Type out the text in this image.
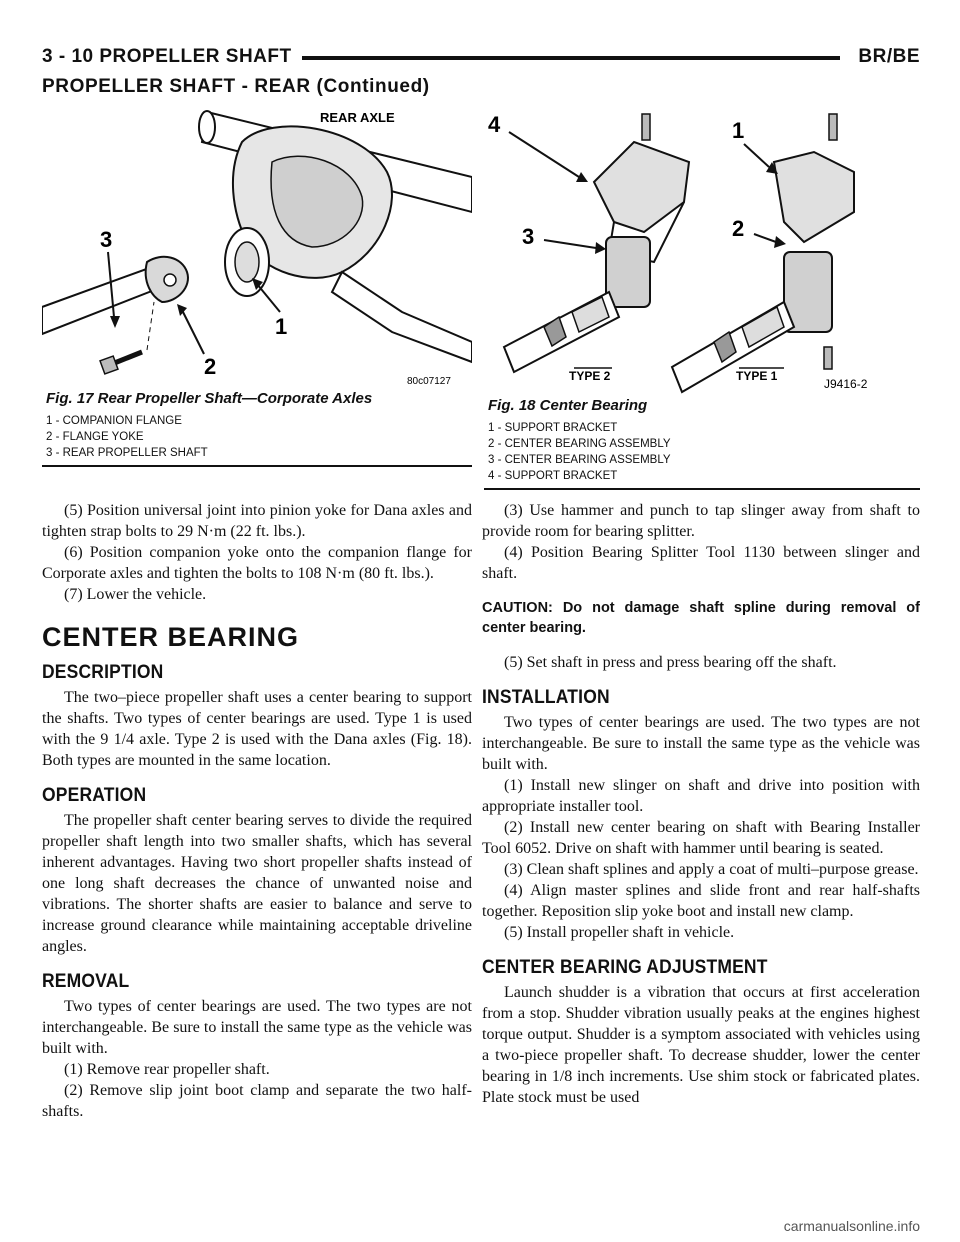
3 - 10 PROPELLER SHAFT	BR/BE
PROPELLER SHAFT - REAR (Continued)
3
1
2
REAR AXLE
80c07127
Fig. 17 Rear Propeller Shaft—Corporate Axles
1 - COMPANION FLANGE
2 - FLANGE YOKE
3 - REAR PROPELLER SHAFT
4	1
3	2
TYPE 2	TYPE 1
J9416-2
Fig. 18 Center Bearing
1 - SUPPORT BRACKET
2 - CENTER BEARING ASSEMBLY
3 - CENTER BEARING ASSEMBLY
4 - SUPPORT BRACKET

(5) Position universal joint into pinion yoke for Dana axles and tighten strap bolts to 29 N·m (22 ft. lbs.).

(6) Position companion yoke onto the companion flange for Corporate axles and tighten the bolts to 108 N·m (80 ft. lbs.).

(7) Lower the vehicle.

CENTER BEARING
DESCRIPTION

The two–piece propeller shaft uses a center bearing to support the shafts. Two types of center bearings are used. Type 1 is used with the 9 1/4 axle. Type 2 is used with the Dana axles (Fig. 18). Both types are mounted in the same location.

OPERATION

The propeller shaft center bearing serves to divide the required propeller shaft length into two smaller shafts, which has several inherent advantages. Having two short propeller shafts instead of one long shaft decreases the chance of unwanted noise and vibrations. The shorter shafts are easier to balance and serve to increase ground clearance while maintaining acceptable driveline angles.

REMOVAL

Two types of center bearings are used. The two types are not interchangeable. Be sure to install the same type as the vehicle was built with.

(1) Remove rear propeller shaft.

(2) Remove slip joint boot clamp and separate the two half-shafts.

(3) Use hammer and punch to tap slinger away from shaft to provide room for bearing splitter.

(4) Position Bearing Splitter Tool 1130 between slinger and shaft.

CAUTION: Do not damage shaft spline during removal of center bearing.

(5) Set shaft in press and press bearing off the shaft.

INSTALLATION

Two types of center bearings are used. The two types are not interchangeable. Be sure to install the same type as the vehicle was built with.

(1) Install new slinger on shaft and drive into position with appropriate installer tool.

(2) Install new center bearing on shaft with Bearing Installer Tool 6052. Drive on shaft with hammer until bearing is seated.

(3) Clean shaft splines and apply a coat of multi–purpose grease.

(4) Align master splines and slide front and rear half-shafts together. Reposition slip yoke boot and install new clamp.

(5) Install propeller shaft in vehicle.

CENTER BEARING ADJUSTMENT

Launch shudder is a vibration that occurs at first acceleration from a stop. Shudder vibration usually peaks at the engines highest torque output. Shudder is a symptom associated with vehicles using a two-piece propeller shaft. To decrease shudder, lower the center bearing in 1/8 inch increments. Use shim stock or fabricated plates. Plate stock must be used

carmanualsonline.info
